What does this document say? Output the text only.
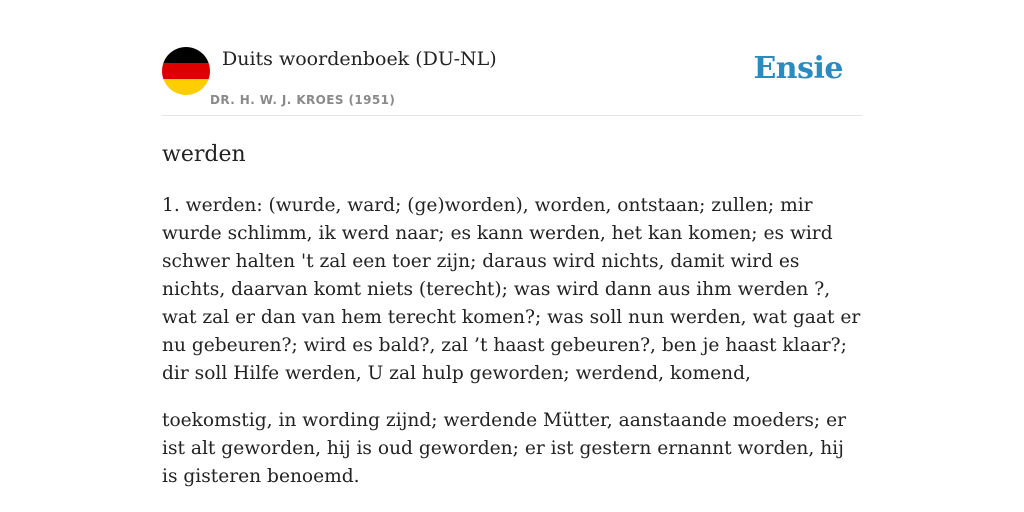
Duits woordenboek (DU-NL)
DR. H. W. J. KROES (1951)
Ensie
werden

1. werden: (wurde, ward; (ge)worden), worden, ontstaan; zullen; mir wurde schlimm, ik werd naar; es kann werden, het kan komen; es wird schwer halten 't zal een toer zijn; daraus wird nichts, damit wird es nichts, daarvan komt niets (terecht); was wird dann aus ihm werden ?, wat zal er dan van hem terecht komen?; was soll nun werden, wat gaat er nu gebeuren?; wird es bald?, zal ’t haast gebeuren?, ben je haast klaar?; dir soll Hilfe werden, U zal hulp geworden; werdend, komend,

toekomstig, in wording zijnd; werdende Mütter, aanstaande moeders; er ist alt geworden, hij is oud geworden; er ist gestern ernannt worden, hij is gisteren benoemd.
